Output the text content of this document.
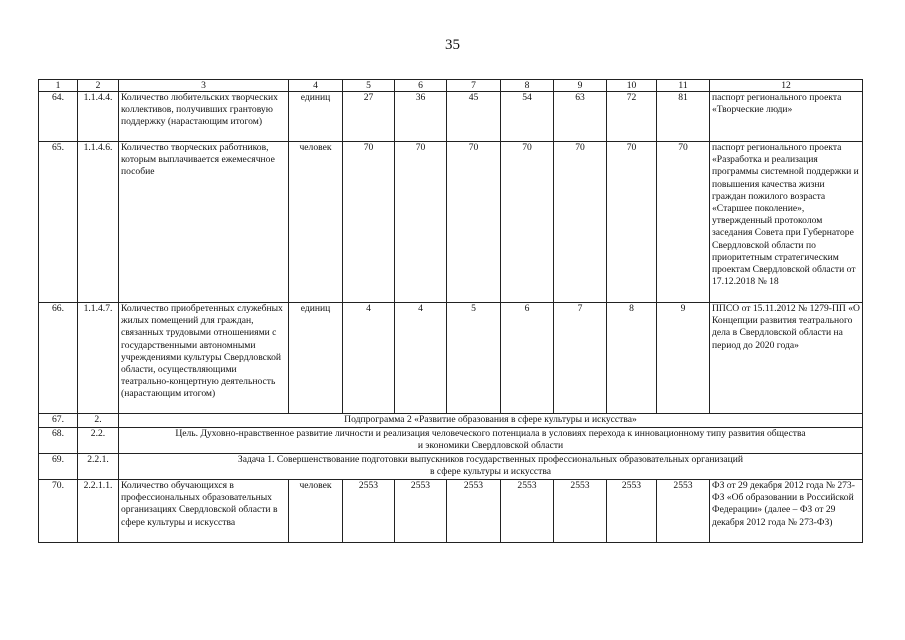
35
1	2	3	4	5	6	7	8	9	10	11	12
64.	1.1.4.4.	Количество любительских творческих коллективов, получивших грантовую поддержку (нарастающим итогом)	единиц	27	36	45	54	63	72	81	паспорт регионального проекта «Творческие люди»
65.	1.1.4.6.	Количество творческих работников, которым выплачивается ежемесячное пособие	человек	70	70	70	70	70	70	70	паспорт регионального проекта «Разработка и реализация программы системной поддержки и повышения качества жизни граждан пожилого возраста «Старшее поколение», утвержденный протоколом заседания Совета при Губернаторе Свердловской области по приоритетным стратегическим проектам Свердловской области от 17.12.2018 № 18
66.	1.1.4.7.	Количество приобретенных служебных жилых помещений для граждан, связанных трудовыми отношениями с государственными автономными учреждениями культуры Свердловской области, осуществляющими театрально-концертную деятельность (нарастающим итогом)	единиц	4	4	5	6	7	8	9	ППСО от 15.11.2012 № 1279-ПП «О Концепции развития театрального дела в Свердловской области на период до 2020 года»
67.	2.	Подпрограмма 2 «Развитие образования в сфере культуры и искусства»									
68.	2.2.	Цель. Духовно-нравственное развитие личности и реализация человеческого потенциала в условиях перехода к инновационному типу развития общества
и экономики Свердловской области									

69.	2.2.1.	Задача 1. Совершенствование подготовки выпускников государственных профессиональных образовательных организаций
в сфере культуры и искусства									

70.	2.2.1.1.	Количество обучающихся в профессиональных образовательных организациях Свердловской области в сфере культуры и искусства	человек	2553	2553	2553	2553	2553	2553	2553	ФЗ от 29 декабря 2012 года № 273-ФЗ «Об образовании в Российской Федерации» (далее – ФЗ от 29 декабря 2012 года № 273-ФЗ)
